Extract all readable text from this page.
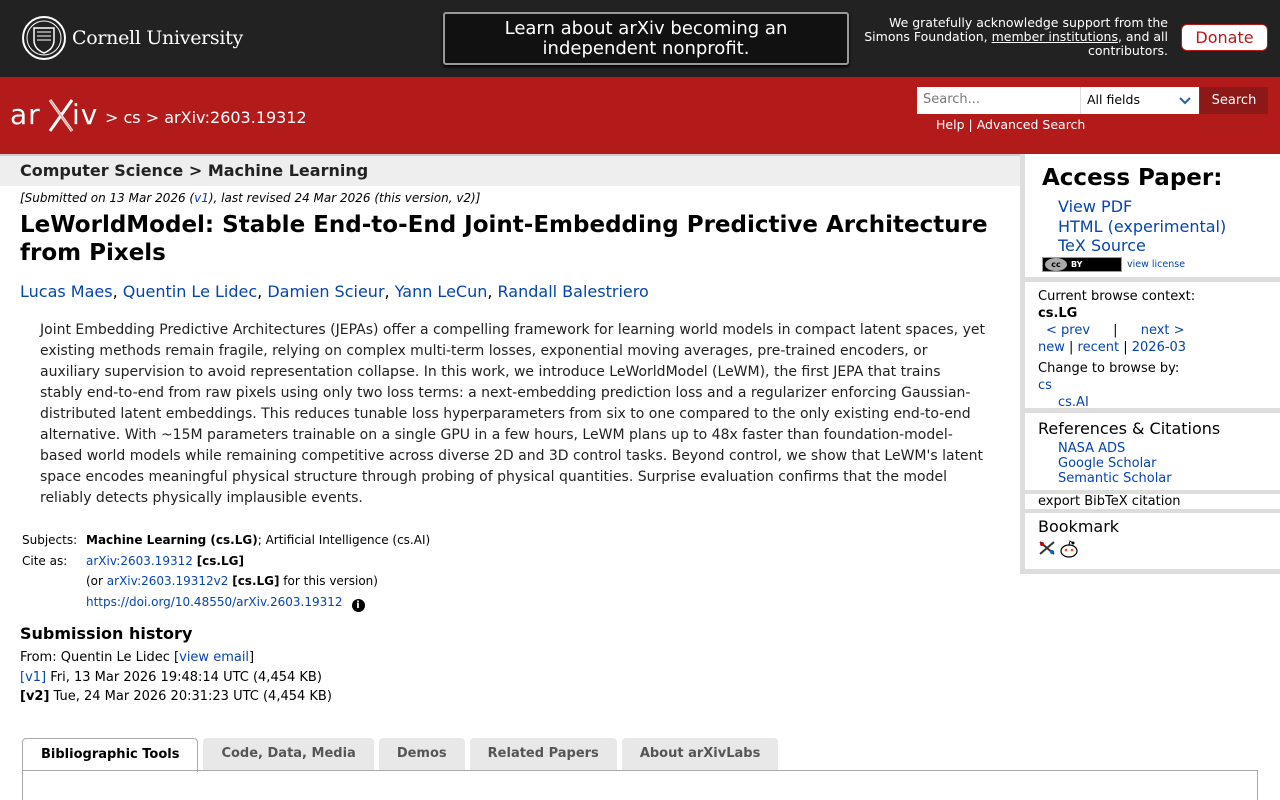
Cornell University	Learn about arXiv becoming an independent nonprofit.
We gratefully acknowledge support from the Simons Foundation, member institutions, and all contributors.
Donate
ar iv > cs > arXiv:2603.19312
Search...	All fields	Search
Help | Advanced Search
Computer Science > Machine Learning
[Submitted on 13 Mar 2026 (v1), last revised 24 Mar 2026 (this version, v2)]
LeWorldModel: Stable End-to-End Joint-Embedding Predictive Architecture from Pixels
Lucas Maes, Quentin Le Lidec, Damien Scieur, Yann LeCun, Randall Balestriero
Joint Embedding Predictive Architectures (JEPAs) offer a compelling framework for learning world models in compact latent spaces, yet existing methods remain fragile, relying on complex multi-term losses, exponential moving averages, pre-trained encoders, or auxiliary supervision to avoid representation collapse. In this work, we introduce LeWorldModel (LeWM), the first JEPA that trains stably end-to-end from raw pixels using only two loss terms: a next-embedding prediction loss and a regularizer enforcing Gaussian-distributed latent embeddings. This reduces tunable loss hyperparameters from six to one compared to the only existing end-to-end alternative. With ~15M parameters trainable on a single GPU in a few hours, LeWM plans up to 48x faster than foundation-model-based world models while remaining competitive across diverse 2D and 3D control tasks. Beyond control, we show that LeWM's latent space encodes meaningful physical structure through probing of physical quantities. Surprise evaluation confirms that the model reliably detects physically implausible events.
Subjects:	Machine Learning (cs.LG); Artificial Intelligence (cs.AI)
Cite as:	arXiv:2603.19312 [cs.LG]
	(or arXiv:2603.19312v2 [cs.LG] for this version)
	https://doi.org/10.48550/arXiv.2603.19312 i
Submission history
From: Quentin Le Lidec [view email]
[v1] Fri, 13 Mar 2026 19:48:14 UTC (4,454 KB)
[v2] Tue, 24 Mar 2026 20:31:23 UTC (4,454 KB)
Bibliographic Tools	Code, Data, Media	Demos	Related Papers	About arXivLabs
Access Paper:
View PDF
HTML (experimental)
TeX Source
cc	BY	view license
Current browse context:
cs.LG
< prev | next >
new | recent | 2026-03
Change to browse by:
cs
cs.AI
References & Citations
NASA ADS
Google Scholar
Semantic Scholar
export BibTeX citation
Bookmark
